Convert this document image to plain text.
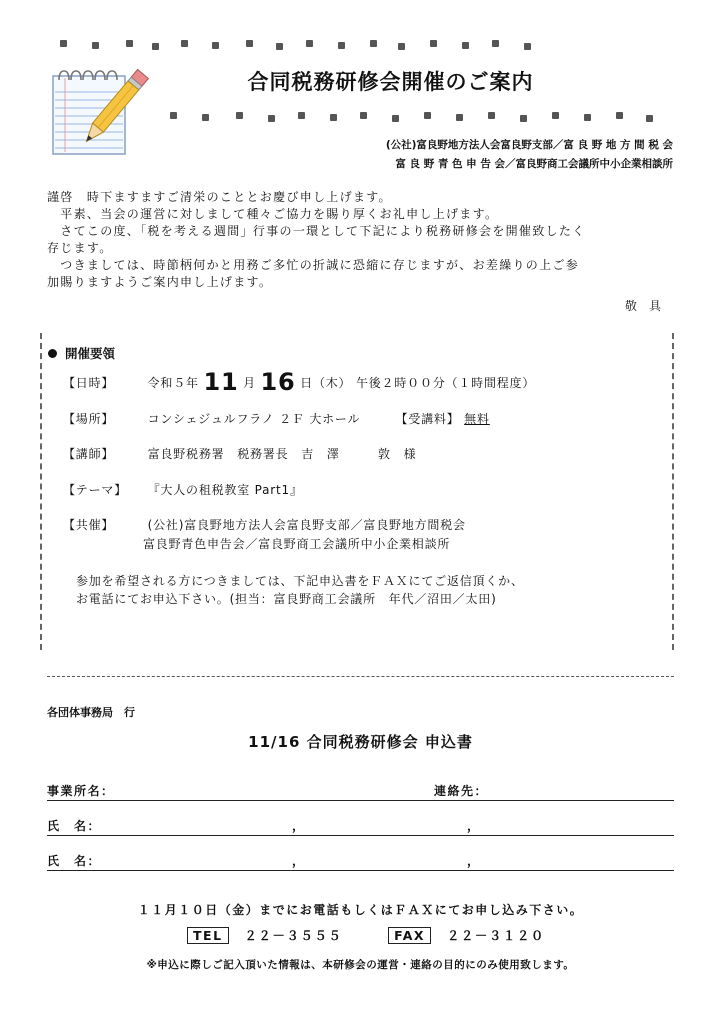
合同税務研修会開催のご案内
(公社)富良野地方法人会富良野支部／富 良 野 地 方 間 税 会
富 良 野 青 色 申 告 会／富良野商工会議所中小企業相談所

謹啓　時下ますますご清栄のこととお慶び申し上げます。

　平素、当会の運営に対しまして種々ご協力を賜り厚くお礼申し上げます。

　さてこの度、｢税を考える週間｣ 行事の一環として下記により税務研修会を開催致したく

存じます。

　つきましては、時節柄何かと用務ご多忙の折誠に恐縮に存じますが、お差繰りの上ご参

加賜りますようご案内申し上げます。

敬具
開催要領
【日時】	令和５年 11 月 16 日（木） 午後２時００分（１時間程度）
【場所】	コンシェジュルフラノ ２Ｆ 大ホール	【受講料】 無料
【講師】	富良野税務署　税務署長　吉　澤　　　敦　様
【テーマ】 『大人の租税教室 Part1』
【共催】	(公社)富良野地方法人会富良野支部／富良野地方間税会
富良野青色申告会／富良野商工会議所中小企業相談所
参加を希望される方につきましては、下記申込書をＦＡＸにてご返信頂くか、
お電話にてお申込下さい。(担当：富良野商工会議所　年代／沼田／太田)
各団体事務局　行
11/16 合同税務研修会 申込書
事業所名：	連絡先：
氏　名：	，	，
氏　名：	，	，
１１月１０日（金）までにお電話もしくはＦＡＸにてお申し込み下さい。
TEL ２２－３５５５	FAX ２２－３１２０
※申込に際しご記入頂いた情報は、本研修会の運営・連絡の目的にのみ使用致します。
